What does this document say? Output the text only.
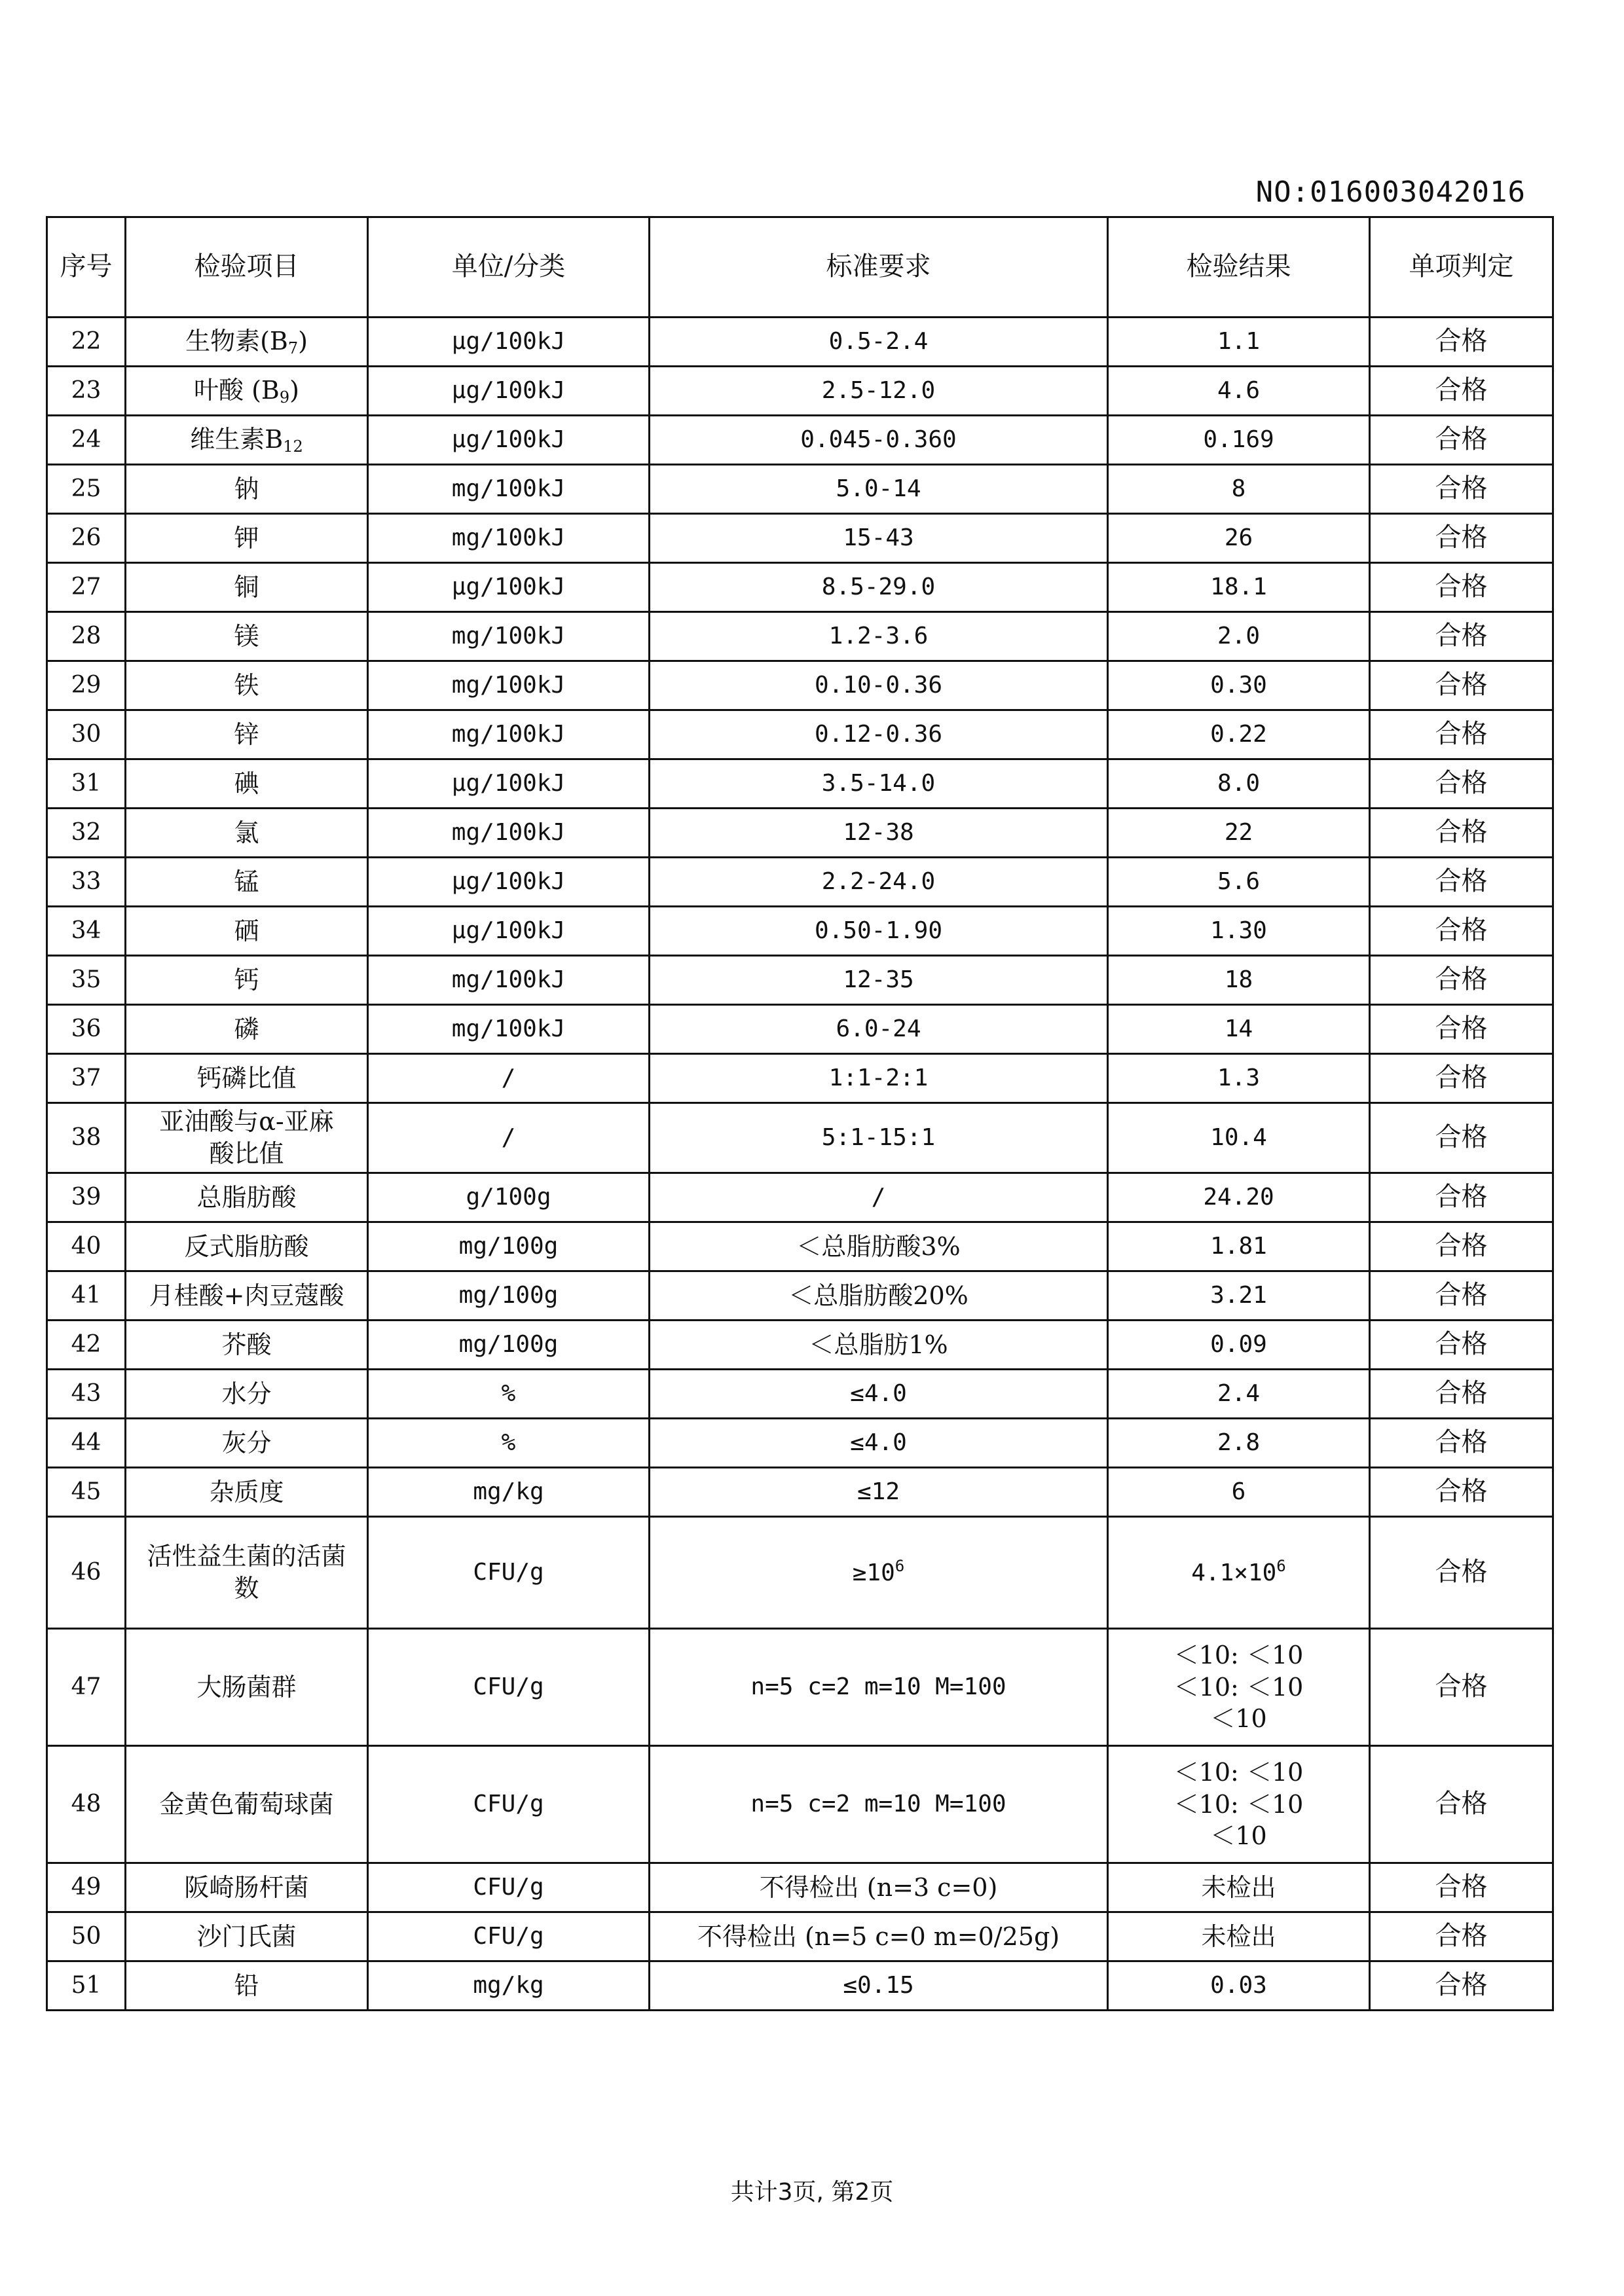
NO:016003042016
序号	检验项目	单位/分类	标准要求	检验结果	单项判定
22	生物素$(B_7)$	μg/100kJ	0.5-2.4	1.1	合格
23	叶酸 $(B_9)$	μg/100kJ	2.5-12.0	4.6	合格
24	维生素$B_{12}$	μg/100kJ	0.045-0.360	0.169	合格
25	钠	mg/100kJ	5.0-14	8	合格
26	钾	mg/100kJ	15-43	26	合格
27	铜	μg/100kJ	8.5-29.0	18.1	合格
28	镁	mg/100kJ	1.2-3.6	2.0	合格
29	铁	mg/100kJ	0.10-0.36	0.30	合格
30	锌	mg/100kJ	0.12-0.36	0.22	合格
31	碘	μg/100kJ	3.5-14.0	8.0	合格
32	氯	mg/100kJ	12-38	22	合格
33	锰	μg/100kJ	2.2-24.0	5.6	合格
34	硒	μg/100kJ	0.50-1.90	1.30	合格
35	钙	mg/100kJ	12-35	18	合格
36	磷	mg/100kJ	6.0-24	14	合格
37	钙磷比值	/	1:1-2:1	1.3	合格
38	亚油酸与α-亚麻
酸比值	/	5:1-15:1	10.4	合格
39	总脂肪酸	g/100g	/	24.20	合格
40	反式脂肪酸	mg/100g	＜总脂肪酸3%	1.81	合格
41	月桂酸+肉豆蔻酸	mg/100g	＜总脂肪酸20%	3.21	合格
42	芥酸	mg/100g	＜总脂肪1%	0.09	合格
43	水分	%	≤4.0	2.4	合格
44	灰分	%	≤4.0	2.8	合格
45	杂质度	mg/kg	≤12	6	合格
46	活性益生菌的活菌
数	CFU/g	$\ge 10^6$	$4.1\times 10^6$	合格
47	大肠菌群	CFU/g	n=5 c=2 m=10 M=100	＜10: ＜10
＜10: ＜10
＜10	合格
48	金黄色葡萄球菌	CFU/g	n=5 c=2 m=10 M=100	＜10: ＜10
＜10: ＜10
＜10	合格
49	阪崎肠杆菌	CFU/g	不得检出 (n=3 c=0)	未检出	合格
50	沙门氏菌	CFU/g	不得检出 (n=5 c=0 m=0/25g)	未检出	合格
51	铅	mg/kg	≤0.15	0.03	合格
共计3页, 第2页
